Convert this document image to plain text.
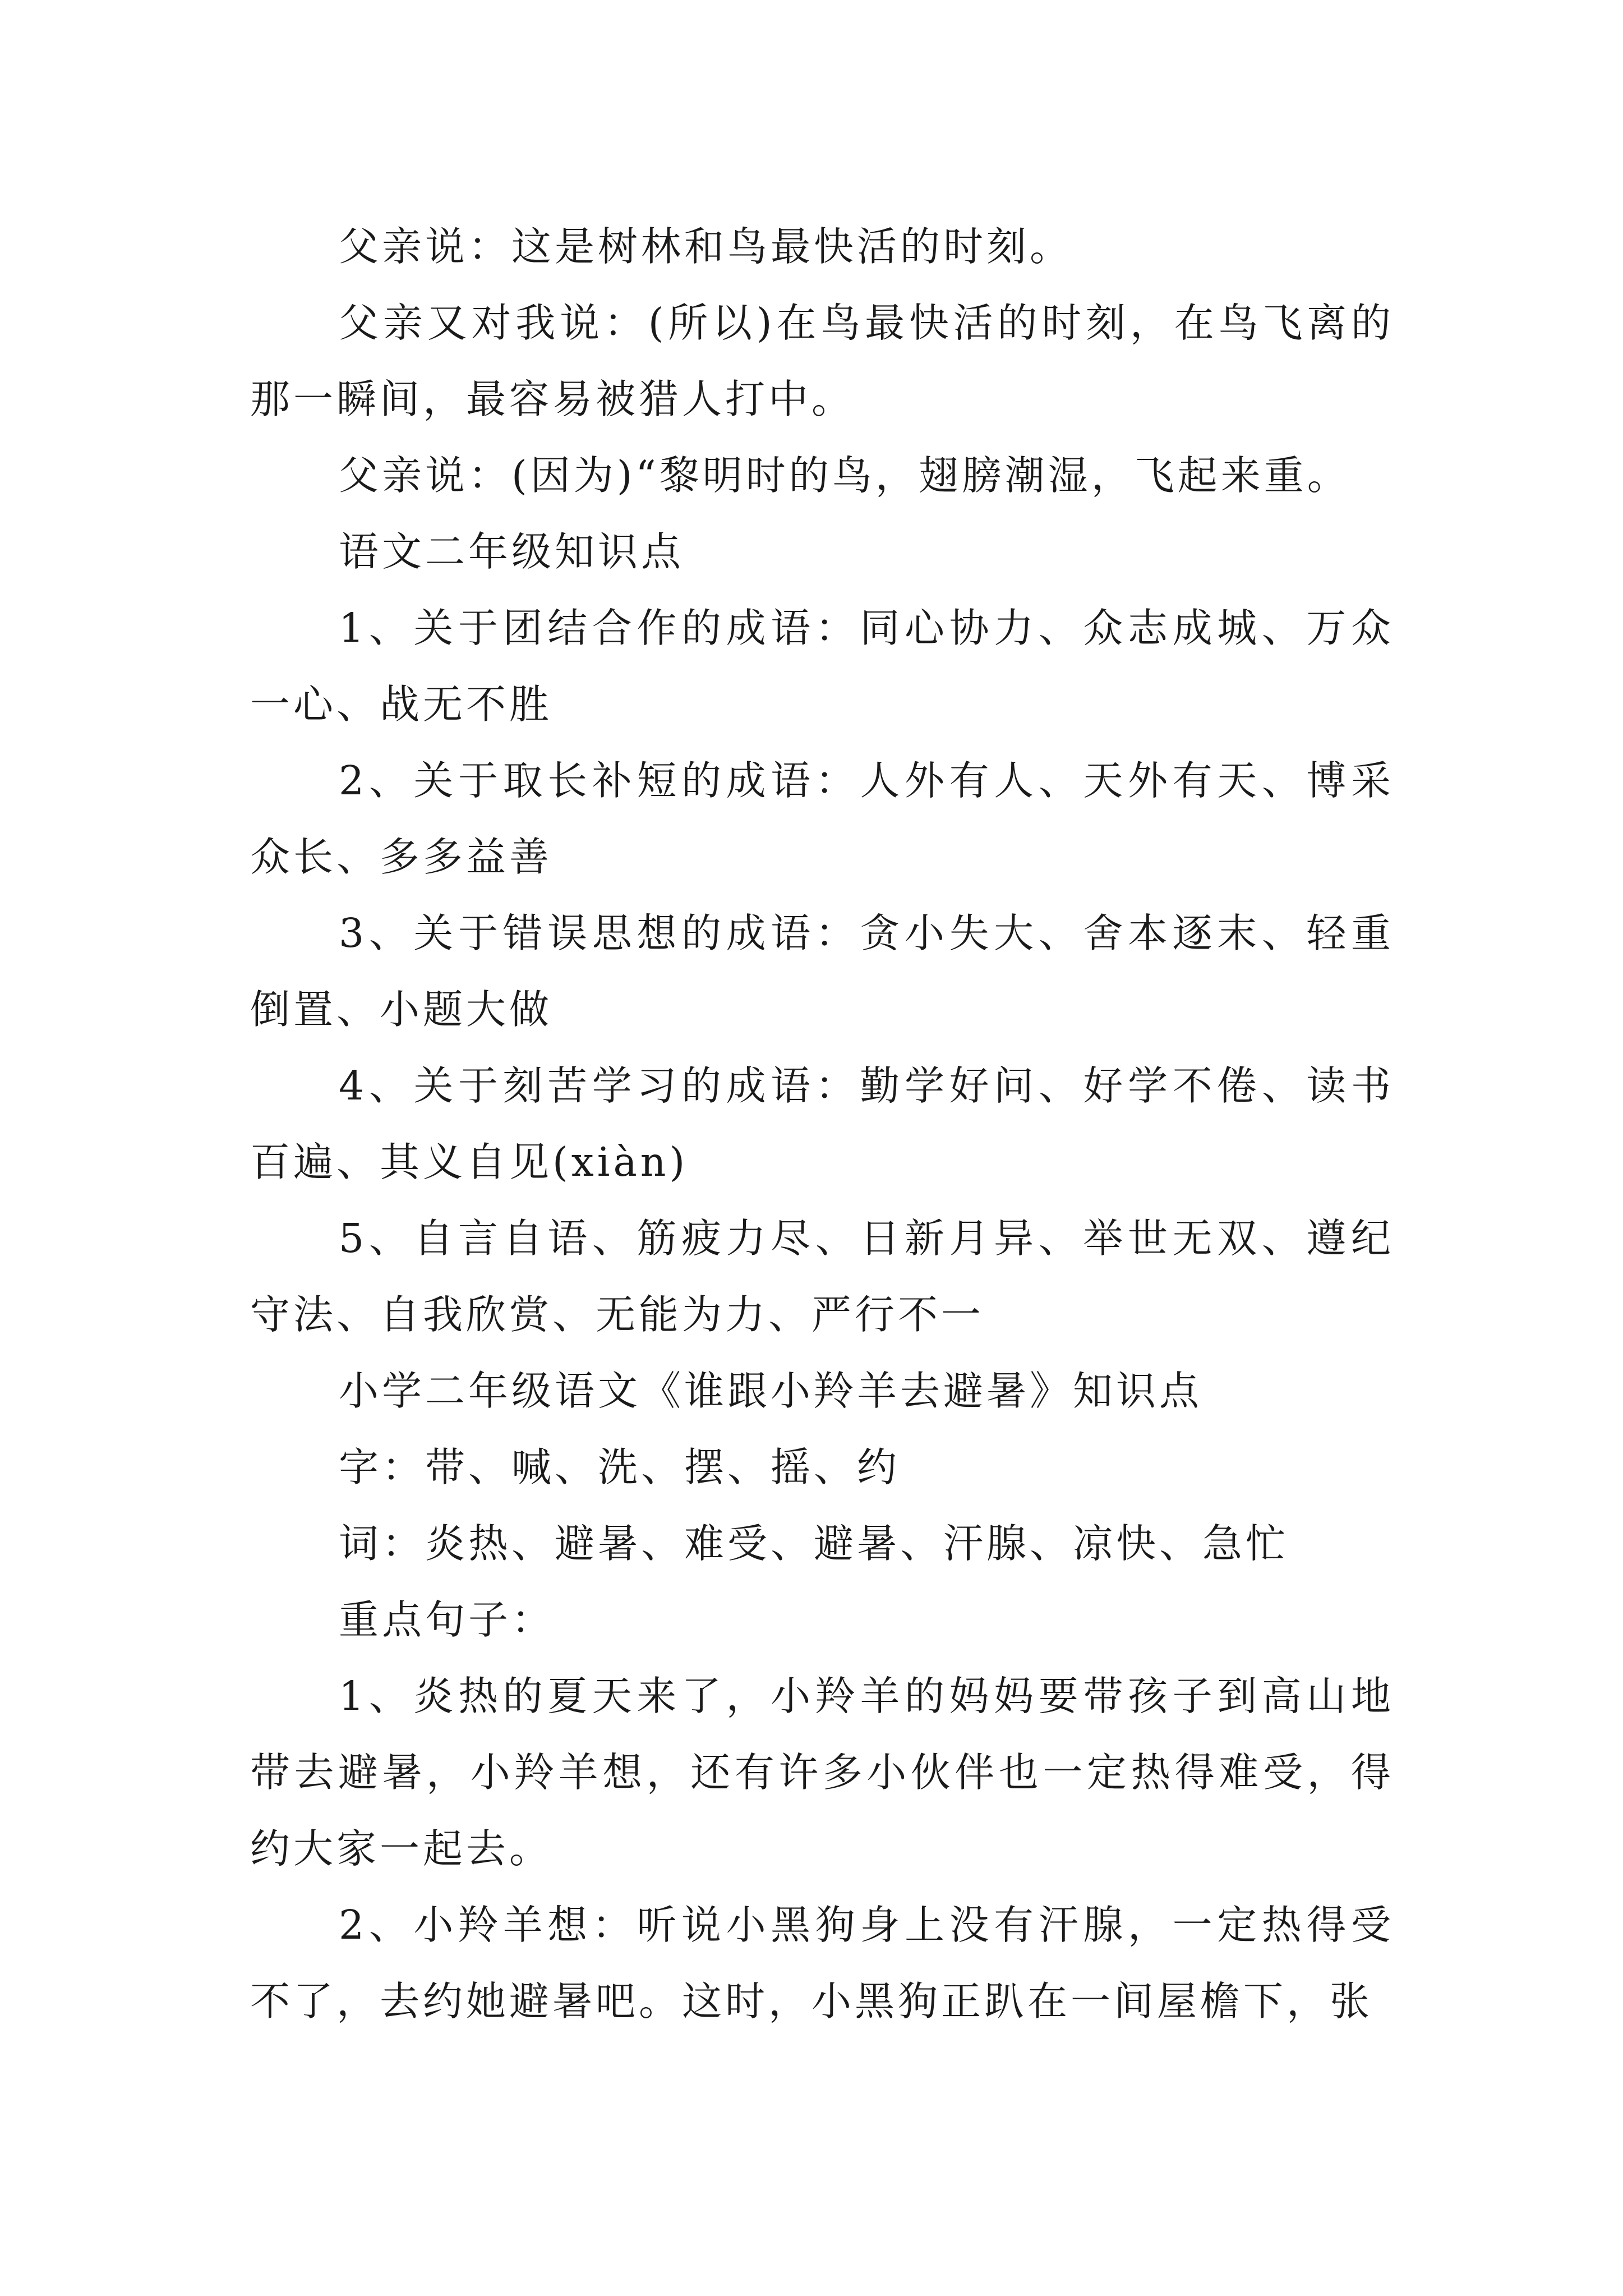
父亲说：这是树林和鸟最快活的时刻。

父亲又对我说：(所以)在鸟最快活的时刻，在鸟飞离的那一瞬间，最容易被猎人打中。

父亲说：(因为)“黎明时的鸟，翅膀潮湿，飞起来重。

语文二年级知识点

1、关于团结合作的成语：同心协力、众志成城、万众一心、战无不胜

2、关于取长补短的成语：人外有人、天外有天、博采众长、多多益善

3、关于错误思想的成语：贪小失大、舍本逐末、轻重倒置、小题大做

4、关于刻苦学习的成语：勤学好问、好学不倦、读书百遍、其义自见(xiàn)

5、自言自语、筋疲力尽、日新月异、举世无双、遵纪守法、自我欣赏、无能为力、严行不一

小学二年级语文《谁跟小羚羊去避暑》知识点

字：带、喊、洗、摆、摇、约

词：炎热、避暑、难受、避暑、汗腺、凉快、急忙

重点句子：

1、炎热的夏天来了，小羚羊的妈妈要带孩子到高山地带去避暑，小羚羊想，还有许多小伙伴也一定热得难受，得约大家一起去。

2、小羚羊想：听说小黑狗身上没有汗腺，一定热得受不了，去约她避暑吧。这时，小黑狗正趴在一间屋檐下，张
